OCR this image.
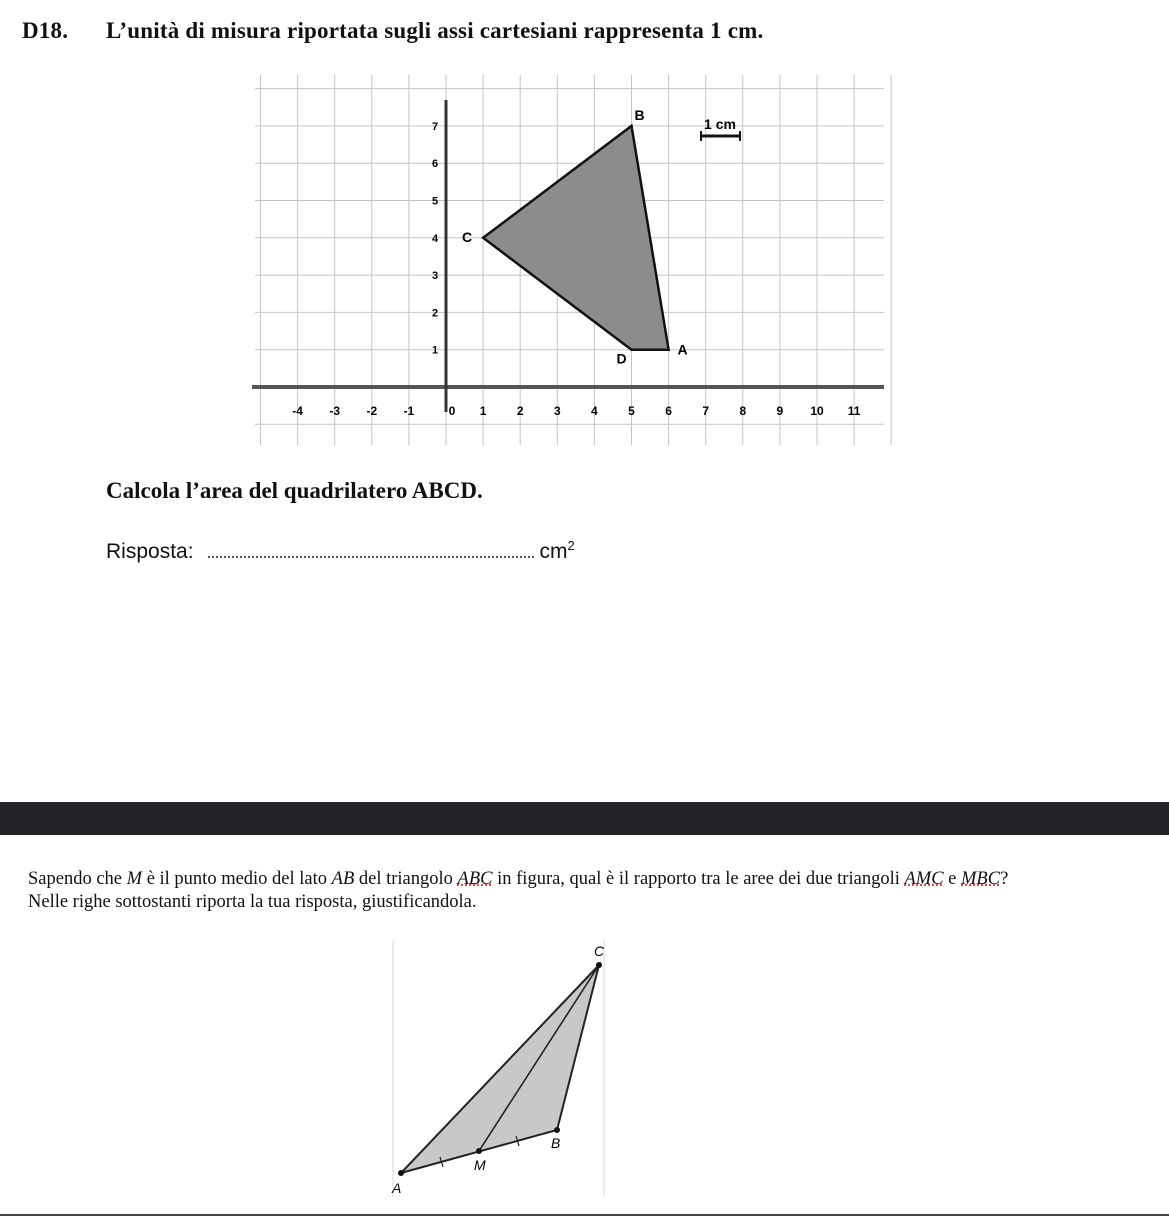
D18. L’unità di misura riportata sugli assi cartesiani rappresenta 1 cm.

-4 -3 -2 -1	0 1	2	3	4	5	6	7	8	9 10 11
1
2
3
4
5
6
7
A
B
C
D
1 cm

Calcola l’area del quadrilatero ABCD.

Risposta:	$cm^2$

Sapendo che M è il punto medio del lato AB del triangolo ABC in figura, qual è il rapporto tra le aree dei due triangoli AMC e MBC? Nelle righe sottostanti riporta la tua risposta, giustificandola.

A
M
B
C
